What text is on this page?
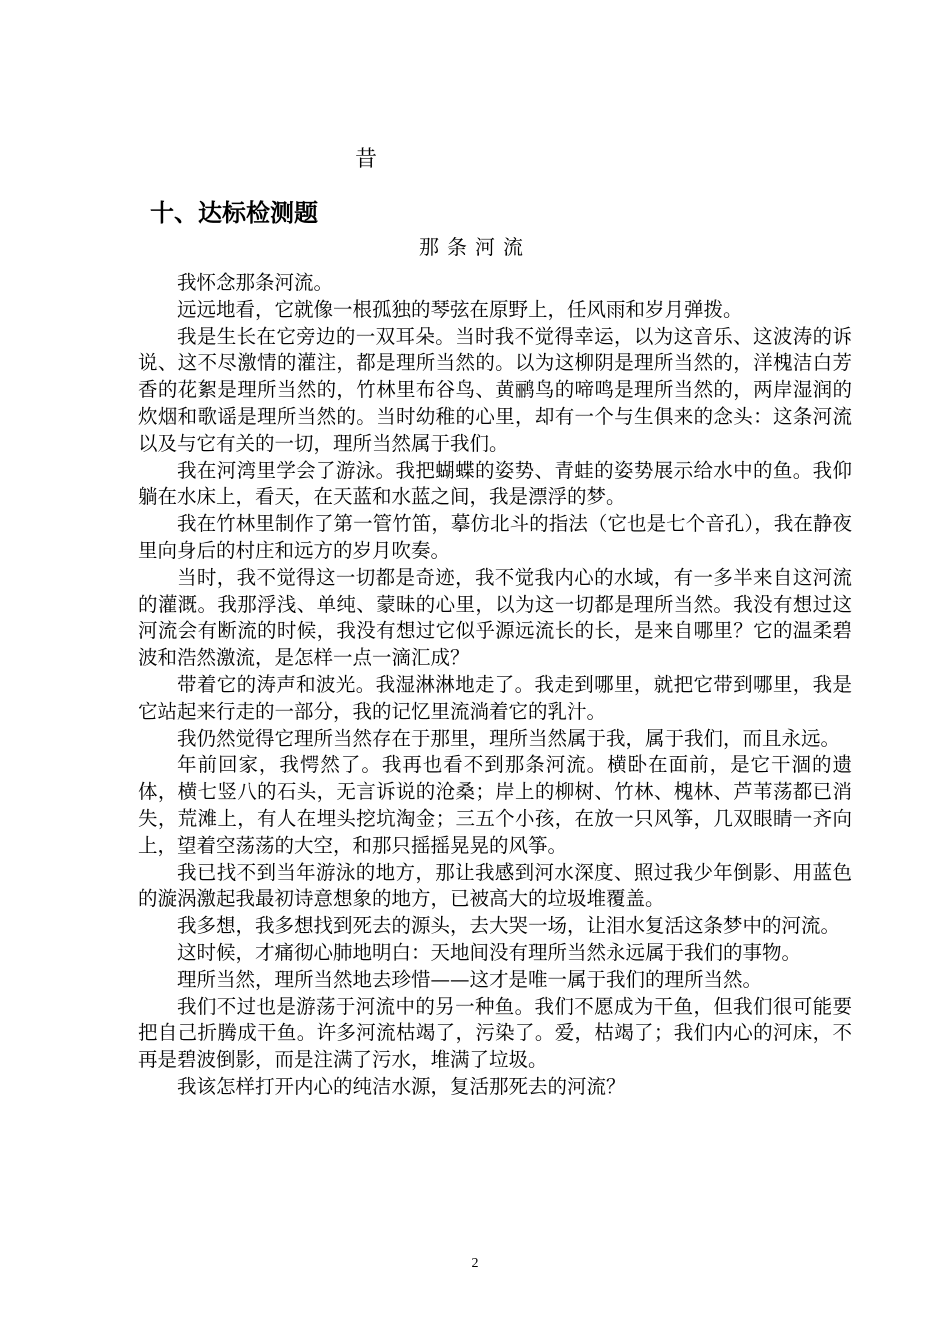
昔
十、达标检测题
那条河流

我怀念那条河流。

远远地看，它就像一根孤独的琴弦在原野上，任风雨和岁月弹拨。

我是生长在它旁边的一双耳朵。当时我不觉得幸运，以为这音乐、这波涛的诉说、这不尽激情的灌注，都是理所当然的。以为这柳阴是理所当然的，洋槐洁白芳香的花絮是理所当然的，竹林里布谷鸟、黄鹂鸟的啼鸣是理所当然的，两岸湿润的炊烟和歌谣是理所当然的。当时幼稚的心里，却有一个与生俱来的念头：这条河流以及与它有关的一切，理所当然属于我们。

我在河湾里学会了游泳。我把蝴蝶的姿势、青蛙的姿势展示给水中的鱼。我仰躺在水床上，看天，在天蓝和水蓝之间，我是漂浮的梦。

我在竹林里制作了第一管竹笛，摹仿北斗的指法（它也是七个音孔），我在静夜里向身后的村庄和远方的岁月吹奏。

当时，我不觉得这一切都是奇迹，我不觉我内心的水域，有一多半来自这河流的灌溉。我那浮浅、单纯、蒙昧的心里，以为这一切都是理所当然。我没有想过这河流会有断流的时候，我没有想过它似乎源远流长的长，是来自哪里？它的温柔碧波和浩然激流，是怎样一点一滴汇成？

带着它的涛声和波光。我湿淋淋地走了。我走到哪里，就把它带到哪里，我是它站起来行走的一部分，我的记忆里流淌着它的乳汁。

我仍然觉得它理所当然存在于那里，理所当然属于我，属于我们，而且永远。

年前回家，我愕然了。我再也看不到那条河流。横卧在面前，是它干涸的遗体，横七竖八的石头，无言诉说的沧桑；岸上的柳树、竹林、槐林、芦苇荡都已消失，荒滩上，有人在埋头挖坑淘金；三五个小孩，在放一只风筝，几双眼睛一齐向上，望着空荡荡的大空，和那只摇摇晃晃的风筝。

我已找不到当年游泳的地方，那让我感到河水深度、照过我少年倒影、用蓝色的漩涡激起我最初诗意想象的地方，已被高大的垃圾堆覆盖。

我多想，我多想找到死去的源头，去大哭一场，让泪水复活这条梦中的河流。

这时候，才痛彻心肺地明白：天地间没有理所当然永远属于我们的事物。

理所当然，理所当然地去珍惜——这才是唯一属于我们的理所当然。

我们不过也是游荡于河流中的另一种鱼。我们不愿成为干鱼，但我们很可能要把自己折腾成干鱼。许多河流枯竭了，污染了。爱，枯竭了；我们内心的河床，不再是碧波倒影，而是注满了污水，堆满了垃圾。

我该怎样打开内心的纯洁水源，复活那死去的河流？

2
